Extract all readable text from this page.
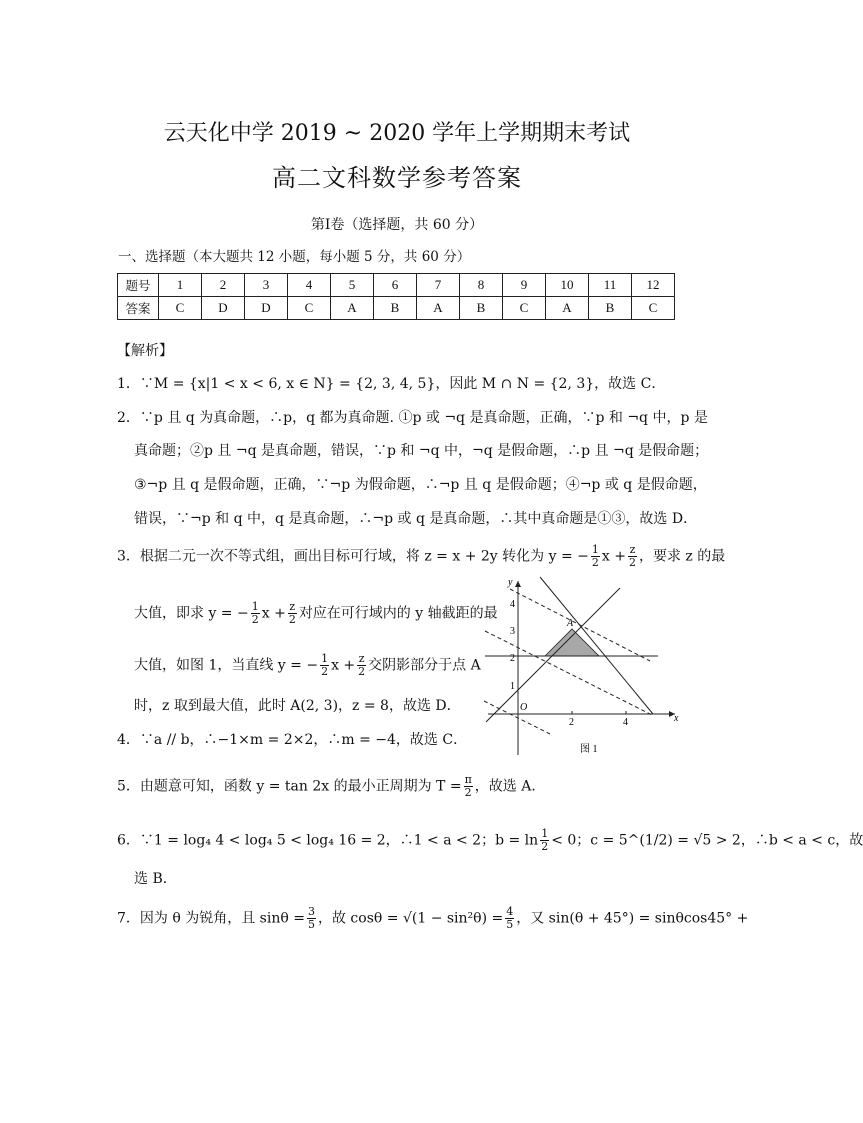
云天化中学 2019 ~ 2020 学年上学期期末考试
高二文科数学参考答案
第Ⅰ卷（选择题，共 60 分）
一、选择题（本大题共 12 小题，每小题 5 分，共 60 分）
题号	1	2	3	4	5	6	7	8	9	10	11	12
答案	C	D	D	C	A	B	A	B	C	A	B	C
【解析】
1．∵M = {x|1 < x < 6, x ∈ N} = {2, 3, 4, 5}，因此 M ∩ N = {2, 3}，故选 C．
2．∵p 且 q 为真命题，∴p，q 都为真命题. ①p 或 ¬q 是真命题，正确，∵p 和 ¬q 中，p 是
真命题；②p 且 ¬q 是真命题，错误，∵p 和 ¬q 中，¬q 是假命题，∴p 且 ¬q 是假命题；
③¬p 且 q 是假命题，正确，∵¬p 为假命题，∴¬p 且 q 是假命题；④¬p 或 q 是假命题，
错误，∵¬p 和 q 中，q 是真命题，∴¬p 或 q 是真命题，∴其中真命题是①③，故选 D．
3．根据二元一次不等式组，画出目标可行域，将 z = x + 2y 转化为 y = − $\frac{1}{2}$ $x + \frac{z}{2}$ ，要求 z 的最
大值，即求 y = − $\frac{1}{2}$ $x + \frac{z}{2}$ 对应在可行域内的 y 轴截距的最
大值，如图 1，当直线 y = − $\frac{1}{2}$ $x + \frac{z}{2}$ 交阴影部分于点 A
时，z 取到最大值，此时 A(2, 3)，z = 8，故选 D．
x
y
O
2	4
1
2
3
4
A
图 1
4．∵a // b，∴−1×m = 2×2，∴m = −4，故选 C．
5．由题意可知，函数 y = tan 2x 的最小正周期为 $T = \frac{\pi}{2}$ ，故选 A．
6．∵1 = log₄ 4 < log₄ 5 < log₄ 16 = 2，∴1 < a < 2；$b = \ln \frac{1}{2} < 0$；c = 5^(1/2) = √5 > 2，∴b < a < c，故
选 B．
7．因为 θ 为锐角，且 $\sin\theta = \frac{3}{5}$ ，故 $\cos\theta = √(1 - \sin^2\theta) = \frac{4}{5}$ ，又 sin(θ + 45°) = sinθcos45° +
